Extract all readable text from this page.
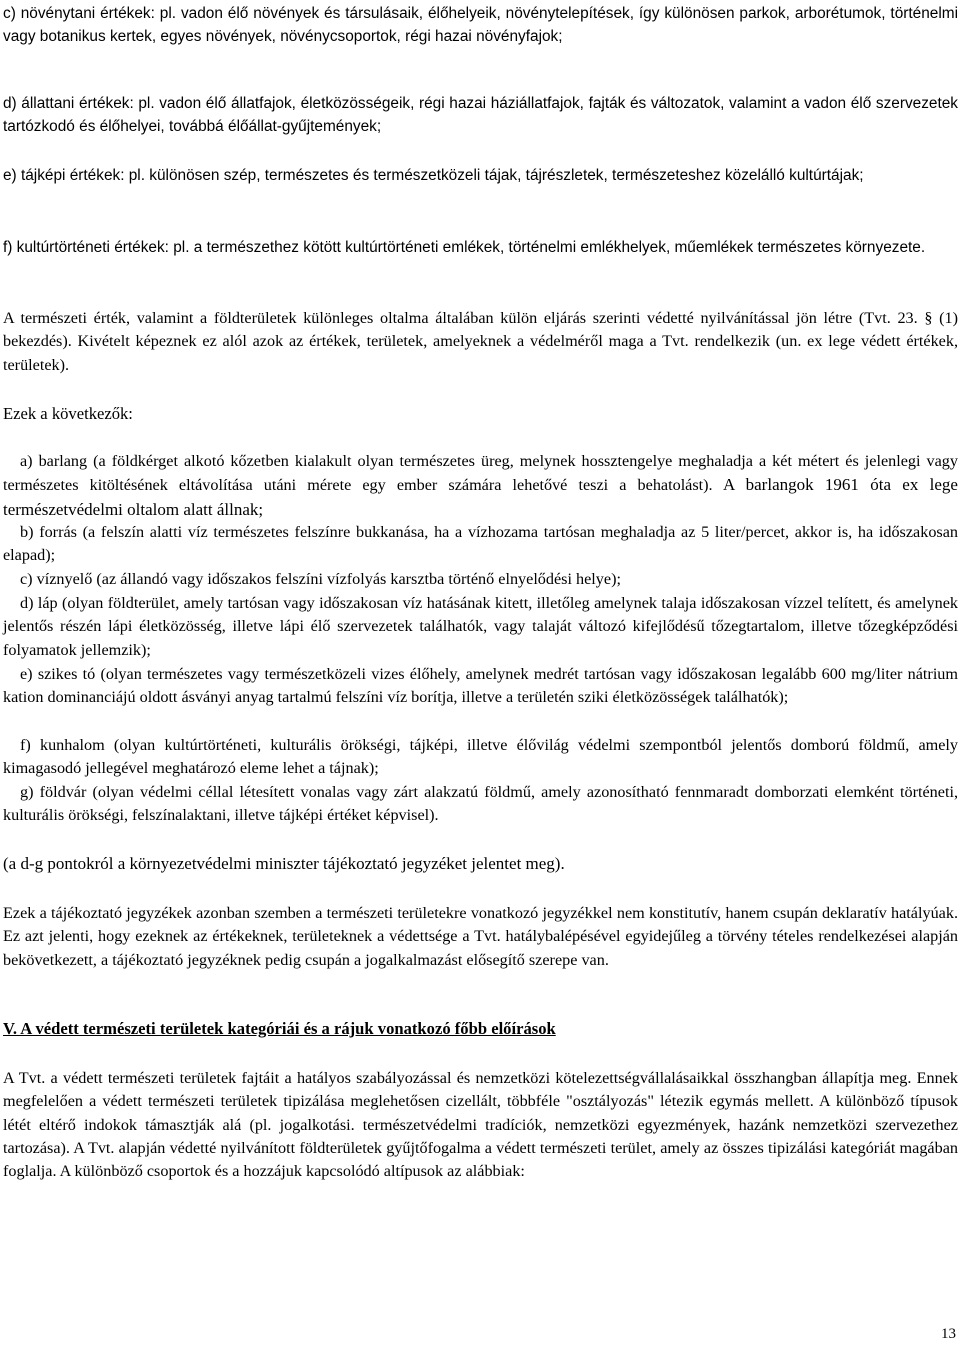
c) növénytani értékek: pl. vadon élő növények és társulásaik, élőhelyeik, növénytelepítések, így különösen parkok, arborétumok, történelmi vagy botanikus kertek, egyes növények, növénycsoportok, régi hazai növényfajok;

d) állattani értékek: pl. vadon élő állatfajok, életközösségeik, régi hazai háziállatfajok, fajták és változatok, valamint a vadon élő szervezetek tartózkodó és élőhelyei, továbbá élőállat-gyűjtemények;

e) tájképi értékek: pl. különösen szép, természetes és természetközeli tájak, tájrészletek, természeteshez közelálló kultúrtájak;

f) kultúrtörténeti értékek: pl. a természethez kötött kultúrtörténeti emlékek, történelmi emlékhelyek, műemlékek természetes környezete.

A természeti érték, valamint a földterületek különleges oltalma általában külön eljárás szerinti védetté nyilvánítással jön létre (Tvt. 23. § (1) bekezdés). Kivételt képeznek ez alól azok az értékek, területek, amelyeknek a védelméről maga a Tvt. rendelkezik (un. ex lege védett értékek, területek).

Ezek a következők:

a) barlang (a földkérget alkotó kőzetben kialakult olyan természetes üreg, melynek hossztengelye meghaladja a két métert és jelenlegi vagy természetes kitöltésének eltávolítása utáni mérete egy ember számára lehetővé teszi a behatolást). A barlangok 1961 óta ex lege természetvédelmi oltalom alatt állnak;

b) forrás (a felszín alatti víz természetes felszínre bukkanása, ha a vízhozama tartósan meghaladja az 5 liter/percet, akkor is, ha időszakosan elapad);

c) víznyelő (az állandó vagy időszakos felszíni vízfolyás karsztba történő elnyelődési helye);

d) láp (olyan földterület, amely tartósan vagy időszakosan víz hatásának kitett, illetőleg amelynek talaja időszakosan vízzel telített, és amelynek jelentős részén lápi életközösség, illetve lápi élő szervezetek találhatók, vagy talaját változó kifejlődésű tőzegtartalom, illetve tőzegképződési folyamatok jellemzik);

e) szikes tó (olyan természetes vagy természetközeli vizes élőhely, amelynek medrét tartósan vagy időszakosan legalább 600 mg/liter nátrium kation dominanciájú oldott ásványi anyag tartalmú felszíni víz borítja, illetve a területén sziki életközösségek találhatók);

f) kunhalom (olyan kultúrtörténeti, kulturális örökségi, tájképi, illetve élővilág védelmi szempontból jelentős domború földmű, amely kimagasodó jellegével meghatározó eleme lehet a tájnak);

g) földvár (olyan védelmi céllal létesített vonalas vagy zárt alakzatú földmű, amely azonosítható fennmaradt domborzati elemként történeti, kulturális örökségi, felszínalaktani, illetve tájképi értéket képvisel).

(a d-g pontokról a környezetvédelmi miniszter tájékoztató jegyzéket jelentet meg).

Ezek a tájékoztató jegyzékek azonban szemben a természeti területekre vonatkozó jegyzékkel nem konstitutív, hanem csupán deklaratív hatályúak. Ez azt jelenti, hogy ezeknek az értékeknek, területeknek a védettsége a Tvt. hatálybalépésével egyidejűleg a törvény tételes rendelkezései alapján bekövetkezett, a tájékoztató jegyzéknek pedig csupán a jogalkalmazást elősegítő szerepe van.

V. A védett természeti területek kategóriái és a rájuk vonatkozó főbb előírások

A Tvt. a védett természeti területek fajtáit a hatályos szabályozással és nemzetközi kötelezettségvállalásaikkal összhangban állapítja meg. Ennek megfelelően a védett természeti területek tipizálása meglehetősen cizellált, többféle "osztályozás" létezik egymás mellett. A különböző típusok létét eltérő indokok támasztják alá (pl. jogalkotási. természetvédelmi tradíciók, nemzetközi egyezmények, hazánk nemzetközi szervezethez tartozása). A Tvt. alapján védetté nyilvánított földterületek gyűjtőfogalma a védett természeti terület, amely az összes tipizálási kategóriát magában foglalja. A különböző csoportok és a hozzájuk kapcsolódó altípusok az alábbiak:

13
